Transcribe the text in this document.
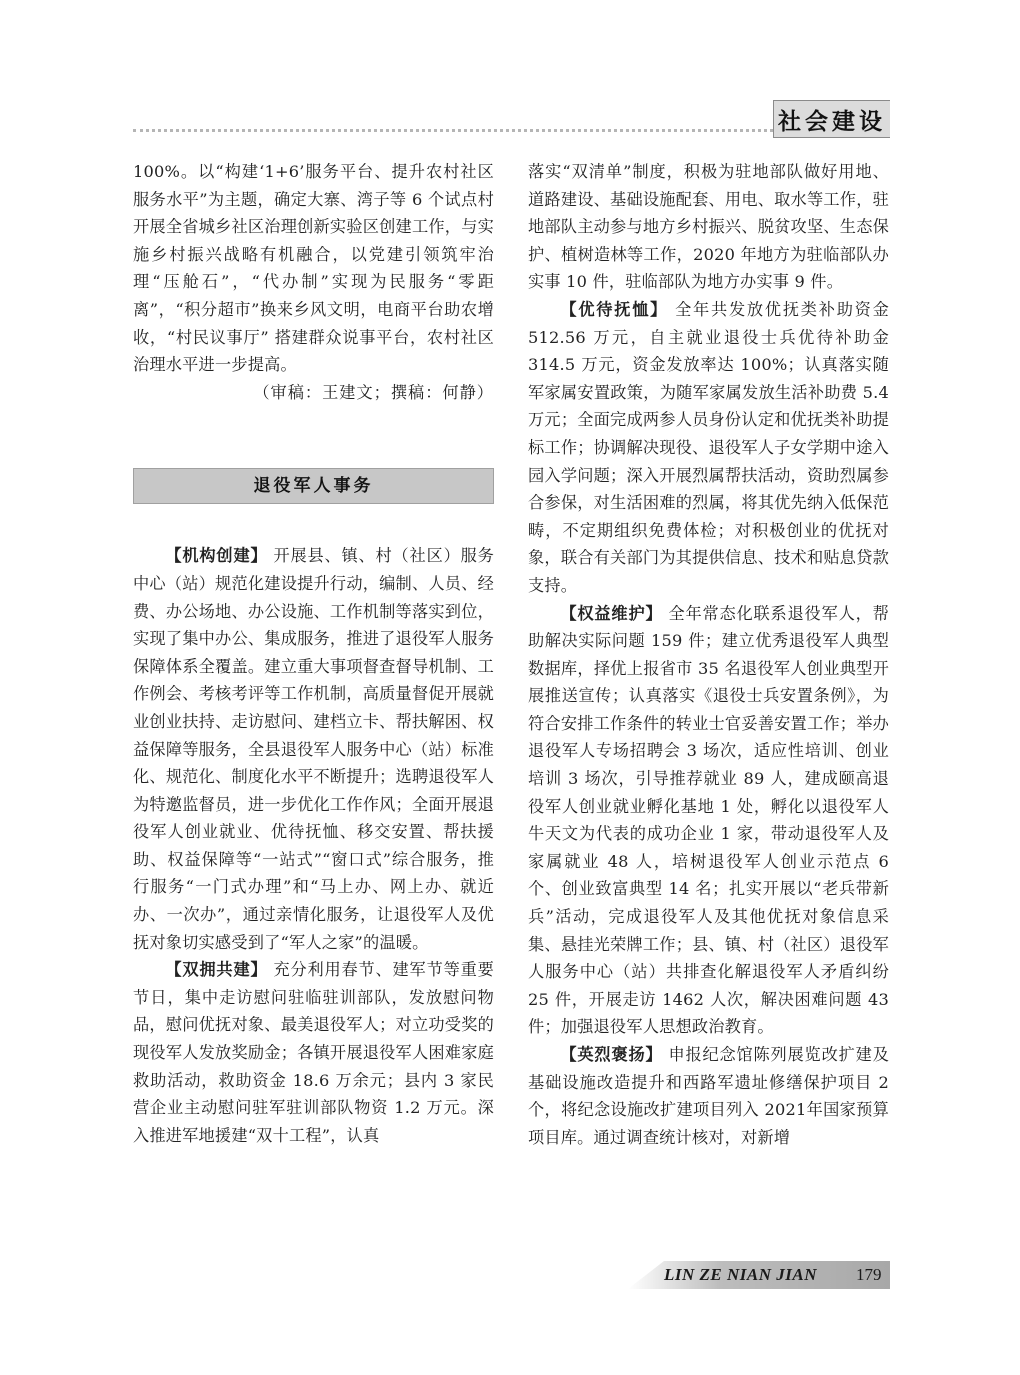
社会建设

100%。以“构建‘1+6’服务平台、提升农村社区服务水平”为主题，确定大寨、湾子等 6 个试点村开展全省城乡社区治理创新实验区创建工作，与实施乡村振兴战略有机融合，以党建引领筑牢治理“压舱石”，“代办制”实现为民服务“零距离”，“积分超市”换来乡风文明，电商平台助农增收，“村民议事厅” 搭建群众说事平台，农村社区治理水平进一步提高。

（审稿：王建文；撰稿：何静）

退役军人事务

【机构创建】 开展县、镇、村（社区）服务中心（站）规范化建设提升行动，编制、人员、经费、办公场地、办公设施、工作机制等落实到位，实现了集中办公、集成服务，推进了退役军人服务保障体系全覆盖。建立重大事项督查督导机制、工作例会、考核考评等工作机制，高质量督促开展就业创业扶持、走访慰问、建档立卡、帮扶解困、权益保障等服务，全县退役军人服务中心（站）标准化、规范化、制度化水平不断提升；选聘退役军人为特邀监督员，进一步优化工作作风；全面开展退役军人创业就业、优待抚恤、移交安置、帮扶援助、权益保障等“一站式”“窗口式”综合服务，推行服务“一门式办理”和“马上办、网上办、就近办、一次办”，通过亲情化服务，让退役军人及优抚对象切实感受到了“军人之家”的温暖。

【双拥共建】 充分利用春节、建军节等重要节日，集中走访慰问驻临驻训部队，发放慰问物品，慰问优抚对象、最美退役军人；对立功受奖的现役军人发放奖励金；各镇开展退役军人困难家庭救助活动，救助资金 18.6 万余元；县内 3 家民营企业主动慰问驻军驻训部队物资 1.2 万元。深入推进军地援建“双十工程”，认真

落实“双清单”制度，积极为驻地部队做好用地、道路建设、基础设施配套、用电、取水等工作，驻地部队主动参与地方乡村振兴、脱贫攻坚、生态保护、植树造林等工作，2020 年地方为驻临部队办实事 10 件，驻临部队为地方办实事 9 件。

【优待抚恤】 全年共发放优抚类补助资金 512.56 万元，自主就业退役士兵优待补助金 314.5 万元，资金发放率达 100%；认真落实随军家属安置政策，为随军家属发放生活补助费 5.4 万元；全面完成两参人员身份认定和优抚类补助提标工作；协调解决现役、退役军人子女学期中途入园入学问题；深入开展烈属帮扶活动，资助烈属参合参保，对生活困难的烈属，将其优先纳入低保范畴，不定期组织免费体检；对积极创业的优抚对象，联合有关部门为其提供信息、技术和贴息贷款支持。

【权益维护】 全年常态化联系退役军人，帮助解决实际问题 159 件；建立优秀退役军人典型数据库，择优上报省市 35 名退役军人创业典型开展推送宣传；认真落实《退役士兵安置条例》，为符合安排工作条件的转业士官妥善安置工作；举办退役军人专场招聘会 3 场次，适应性培训、创业培训 3 场次，引导推荐就业 89 人，建成颐高退役军人创业就业孵化基地 1 处，孵化以退役军人牛天文为代表的成功企业 1 家，带动退役军人及家属就业 48 人，培树退役军人创业示范点 6 个、创业致富典型 14 名；扎实开展以“老兵带新兵”活动，完成退役军人及其他优抚对象信息采集、悬挂光荣牌工作；县、镇、村（社区）退役军人服务中心（站）共排查化解退役军人矛盾纠纷 25 件，开展走访 1462 人次，解决困难问题 43 件；加强退役军人思想政治教育。

【英烈褒扬】 申报纪念馆陈列展览改扩建及基础设施改造提升和西路军遗址修缮保护项目 2 个，将纪念设施改扩建项目列入 2021年国家预算项目库。通过调查统计核对，对新增

LIN ZE NIAN JIAN 179
